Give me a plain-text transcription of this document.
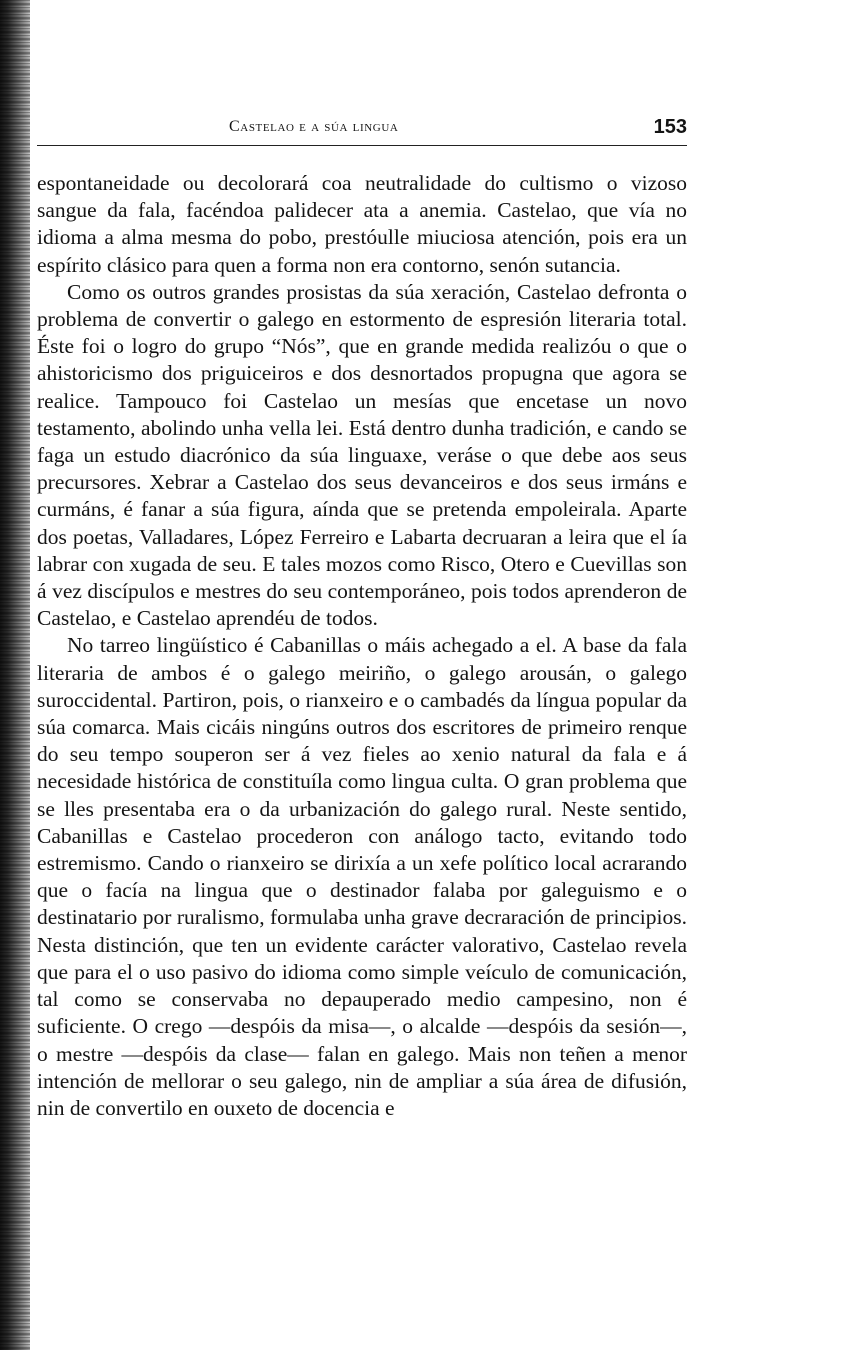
Castelao e a súa lingua	153

espontaneidade ou decolorará coa neutralidade do cultismo o vizoso sangue da fala, facéndoa palidecer ata a anemia. Castelao, que vía no idioma a alma mesma do pobo, prestóulle miuciosa atención, pois era un espírito clásico para quen a forma non era contorno, senón sutancia.

Como os outros grandes prosistas da súa xeración, Castelao defronta o problema de convertir o galego en estormento de espresión literaria total. Éste foi o logro do grupo “Nós”, que en grande medida realizóu o que o ahistoricismo dos priguiceiros e dos desnortados propugna que agora se realice. Tampouco foi Castelao un mesías que encetase un novo testamento, abolindo unha vella lei. Está dentro dunha tradición, e cando se faga un estudo diacrónico da súa linguaxe, veráse o que debe aos seus precursores. Xebrar a Castelao dos seus devanceiros e dos seus irmáns e curmáns, é fanar a súa figura, aínda que se pretenda empoleirala. Aparte dos poetas, Valladares, López Ferreiro e Labarta decruaran a leira que el ía labrar con xugada de seu. E tales mozos como Risco, Otero e Cuevillas son á vez discípulos e mestres do seu contemporáneo, pois todos aprenderon de Castelao, e Castelao aprendéu de todos.

No tarreo lingüístico é Cabanillas o máis achegado a el. A base da fala literaria de ambos é o galego meiriño, o galego arousán, o galego suroccidental. Partiron, pois, o rianxeiro e o cambadés da língua popular da súa comarca. Mais cicáis ningúns outros dos escritores de primeiro renque do seu tempo souperon ser á vez fieles ao xenio natural da fala e á necesidade histórica de constituíla como lingua culta. O gran problema que se lles presentaba era o da urbanización do galego rural. Neste sentido, Cabanillas e Castelao procederon con análogo tacto, evitando todo estremismo. Cando o rianxeiro se dirixía a un xefe político local acrarando que o facía na lingua que o destinador falaba por galeguismo e o destinatario por ruralismo, formulaba unha grave decraración de principios. Nesta distinción, que ten un evidente carácter valorativo, Castelao revela que para el o uso pasivo do idioma como simple veículo de comunicación, tal como se conservaba no depauperado medio campesino, non é suficiente. O crego —despóis da misa—, o alcalde —despóis da sesión—, o mestre —despóis da clase— falan en galego. Mais non teñen a menor intención de mellorar o seu galego, nin de ampliar a súa área de difusión, nin de convertilo en ouxeto de docencia e
